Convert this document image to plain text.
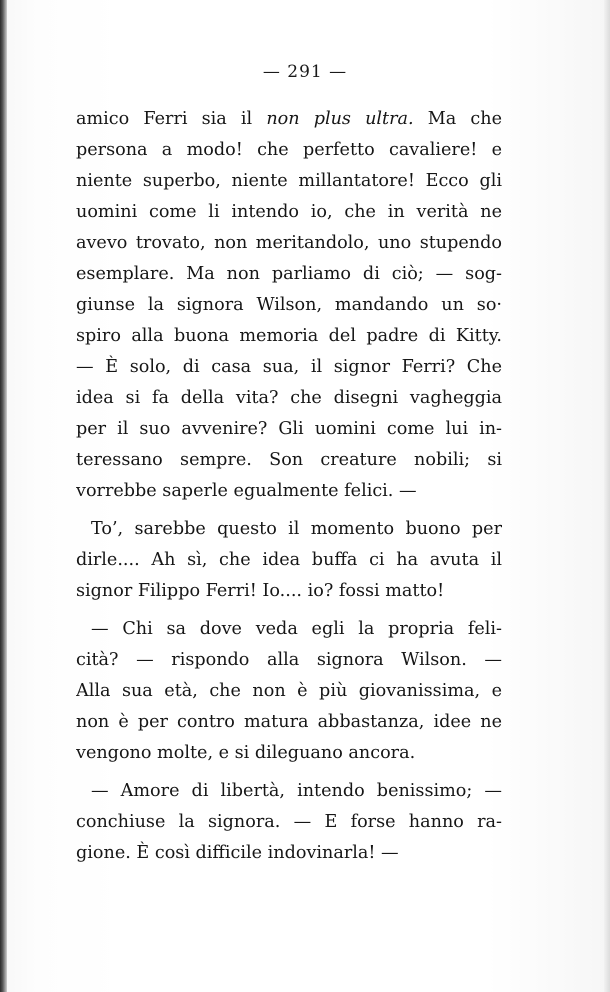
— 291 —
amico Ferri sia il non plus ultra. Ma che
persona a modo! che perfetto cavaliere! e
niente superbo, niente millantatore! Ecco gli
uomini come li intendo io, che in verità ne
avevo trovato, non meritandolo, uno stupendo
esemplare. Ma non parliamo di ciò; — sog-
giunse la signora Wilson, mandando un so·
spiro alla buona memoria del padre di Kitty.
— È solo, di casa sua, il signor Ferri? Che
idea si fa della vita? che disegni vagheggia
per il suo avvenire? Gli uomini come lui in-
teressano sempre. Son creature nobili; si
vorrebbe saperle egualmente felici. —
To’, sarebbe questo il momento buono per
dirle.... Ah sì, che idea buffa ci ha avuta il
signor Filippo Ferri! Io.... io? fossi matto!
— Chi sa dove veda egli la propria feli-
cità? — rispondo alla signora Wilson. —
Alla sua età, che non è più giovanissima, e
non è per contro matura abbastanza, idee ne
vengono molte, e si dileguano ancora.
— Amore di libertà, intendo benissimo; —
conchiuse la signora. — E forse hanno ra-
gione. È così difficile indovinarla! —
